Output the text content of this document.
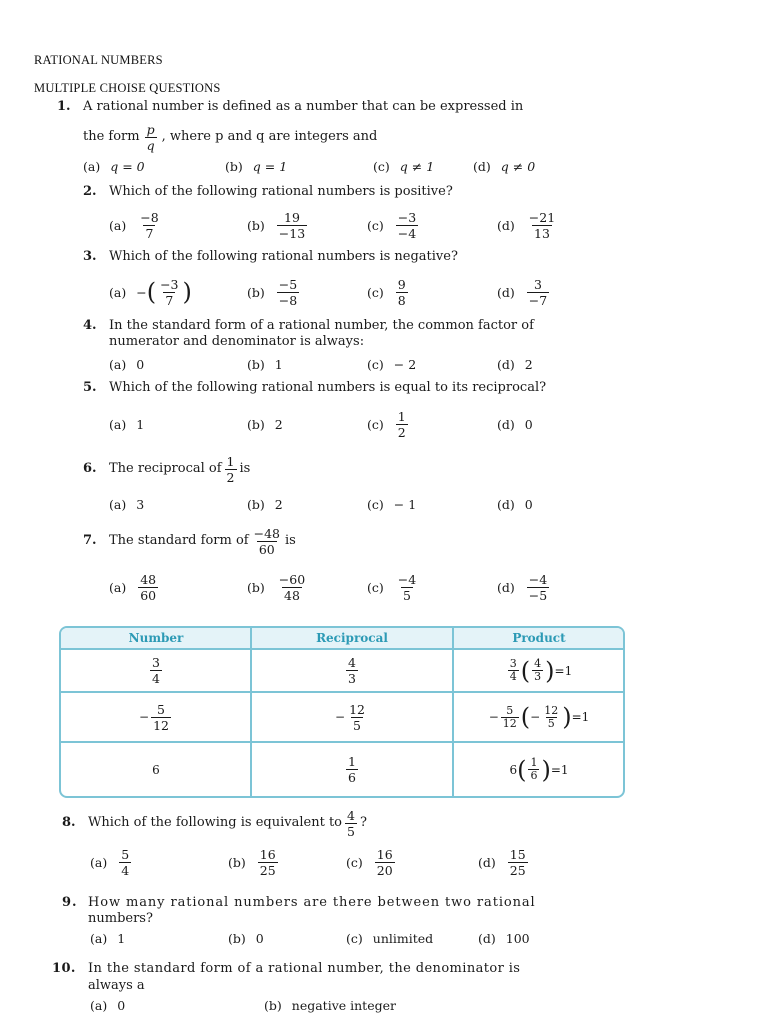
RATIONAL NUMBERS
MULTIPLE CHOISE QUESTIONS
1. A rational number is defined as a number that can be expressed in
the form $\frac{p}{q}$ , where p and q are integers and
(a) q = 0	(b) q = 1	(c) q ≠ 1	(d) q ≠ 0
2. Which of the following rational numbers is positive?
$(a) \frac{-8}{7}$	$(b) \frac{19}{-13}$	$(c) \frac{-3}{-4}$	$(d) \frac{-21}{13}$
3. Which of the following rational numbers is negative?
(a) − ( $\frac{-3}{7}$ )	$(b) \frac{-5}{-8}$	$(c) \frac{9}{8}$	$(d) \frac{3}{-7}$
4. In the standard form of a rational number, the common factor of
numerator and denominator is always:
(a) 0	(b) 1	(c) − 2	(d) 2
5. Which of the following rational numbers is equal to its reciprocal?
(a) 1	(b) 2	$(c) \frac{1}{2}$	(d) 0
6. The reciprocal of $\frac{1}{2}$ is
(a) 3	(b) 2	(c) − 1	(d) 0
7. The standard form of $\frac{-48}{60}$ is
$(a) \frac{48}{60}$	$(b) \frac{-60}{48}$	$(c) \frac{-4}{5}$	$(d) \frac{-4}{-5}$
Number	Reciprocal	Product
$\frac{3}{4}$	$\frac{4}{3}$	$\frac{3}{4}$ ( $\frac{4}{3}$ ) =1
− $\frac{5}{12}$	− $\frac{12}{5}$	− $\frac{5}{12}$ ( − $\frac{12}{5}$ ) =1
6	$\frac{1}{6}$	6 ( $\frac{1}{6}$ ) =1
8. Which of the following is equivalent to $\frac{4}{5}$ ?
$(a) \frac{5}{4}$	$(b) \frac{16}{25}$	$(c) \frac{16}{20}$	$(d) \frac{15}{25}$
9. How many rational numbers are there between two rational
numbers?
(a) 1	(b) 0	(c) unlimited	(d) 100
10. In the standard form of a rational number, the denominator is
always a
(a) 0	(b) negative integer
